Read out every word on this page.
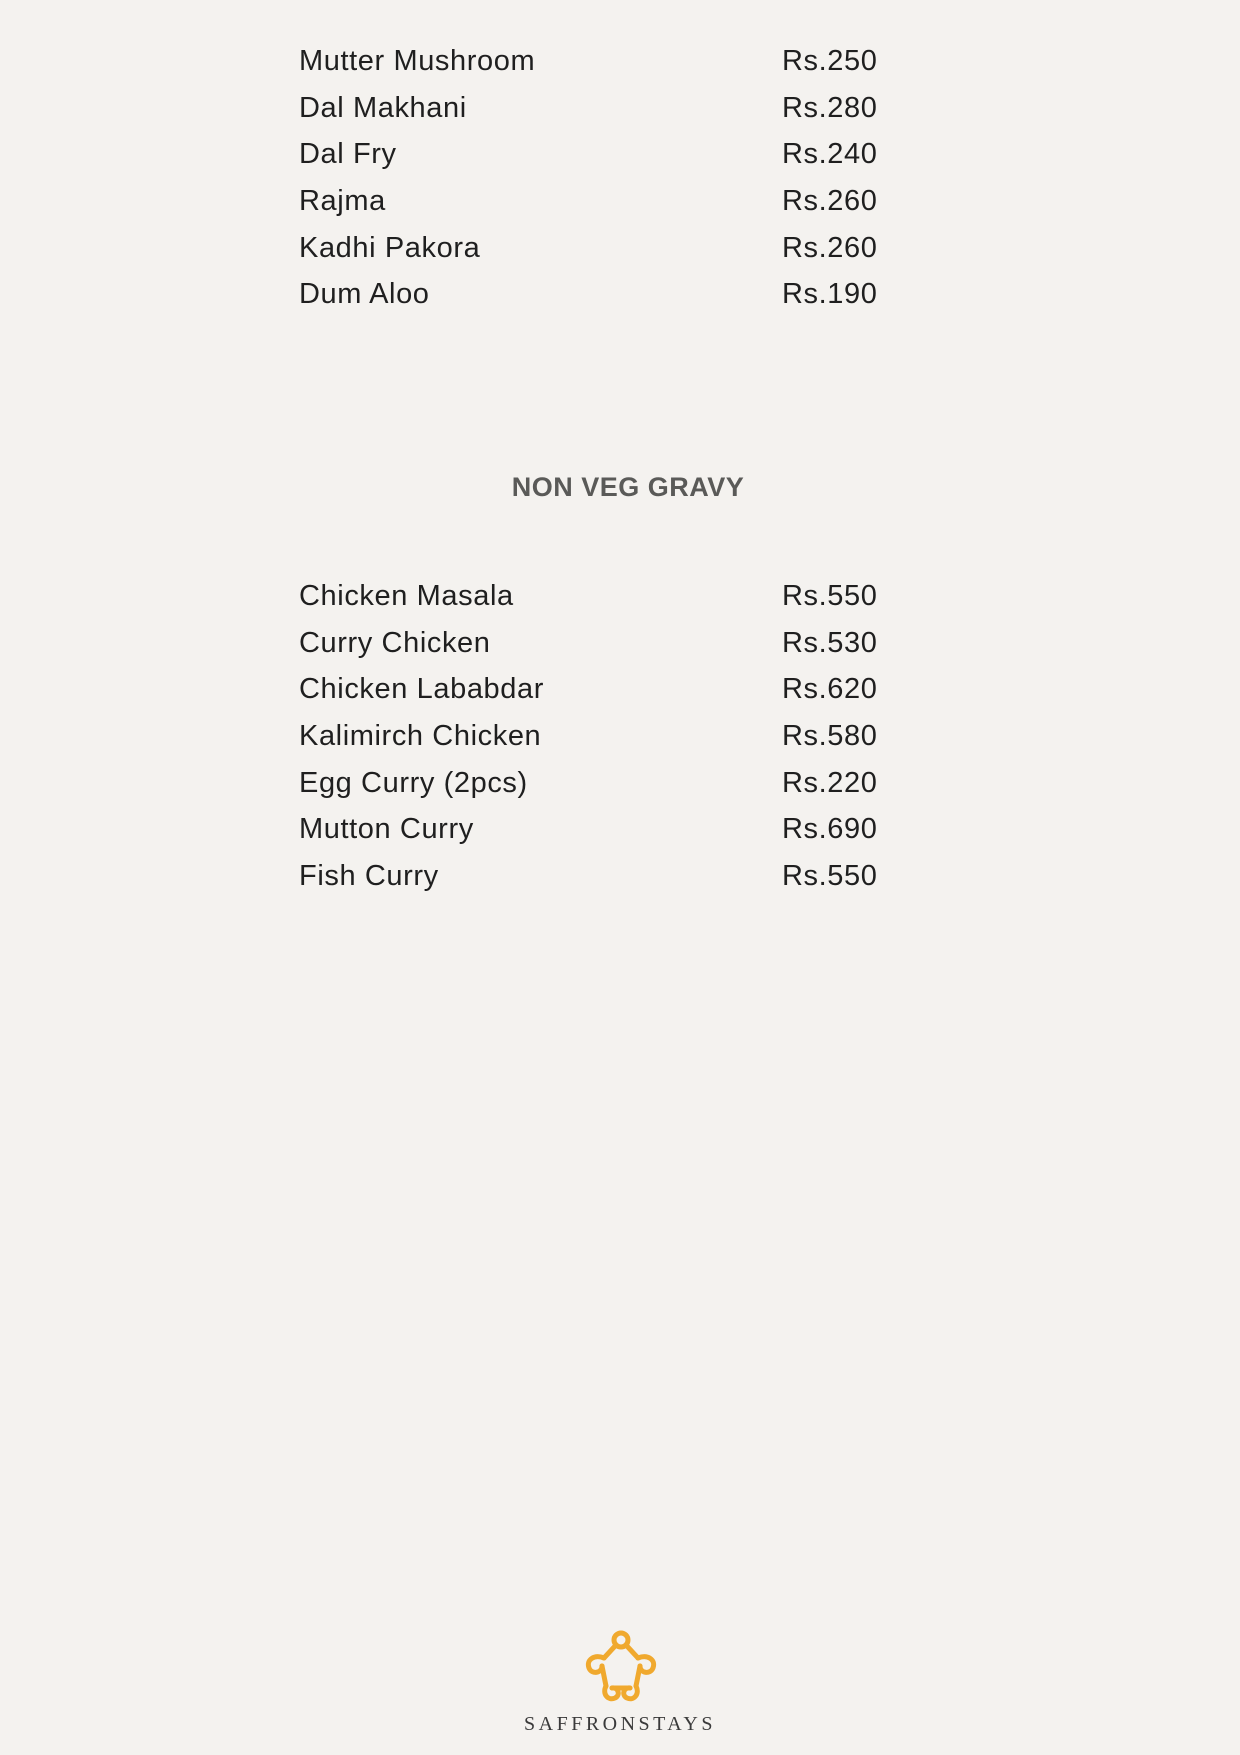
Mutter Mushroom	Rs.250
Dal Makhani	Rs.280
Dal Fry	Rs.240
Rajma	Rs.260
Kadhi Pakora	Rs.260
Dum Aloo	Rs.190
NON VEG GRAVY
Chicken Masala	Rs.550
Curry Chicken	Rs.530
Chicken Lababdar	Rs.620
Kalimirch Chicken	Rs.580
Egg Curry (2pcs)	Rs.220
Mutton Curry	Rs.690
Fish Curry	Rs.550
SAFFRONSTAYS
